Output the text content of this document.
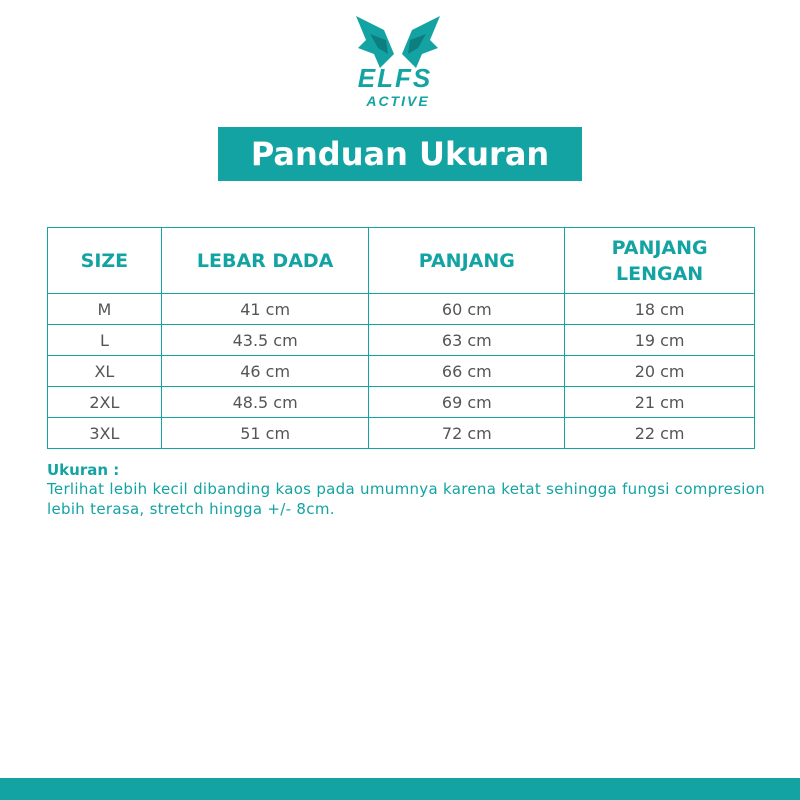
ELFS
ACTIVE
Panduan Ukuran
SIZE	LEBAR DADA	PANJANG	PANJANG
LENGAN
M	41 cm	60 cm	18 cm
L	43.5 cm	63 cm	19 cm
XL	46 cm	66 cm	20 cm
2XL	48.5 cm	69 cm	21 cm
3XL	51 cm	72 cm	22 cm
Ukuran :
Terlihat lebih kecil dibanding kaos pada umumnya karena ketat sehingga fungsi compresion lebih terasa, stretch hingga +/- 8cm.
